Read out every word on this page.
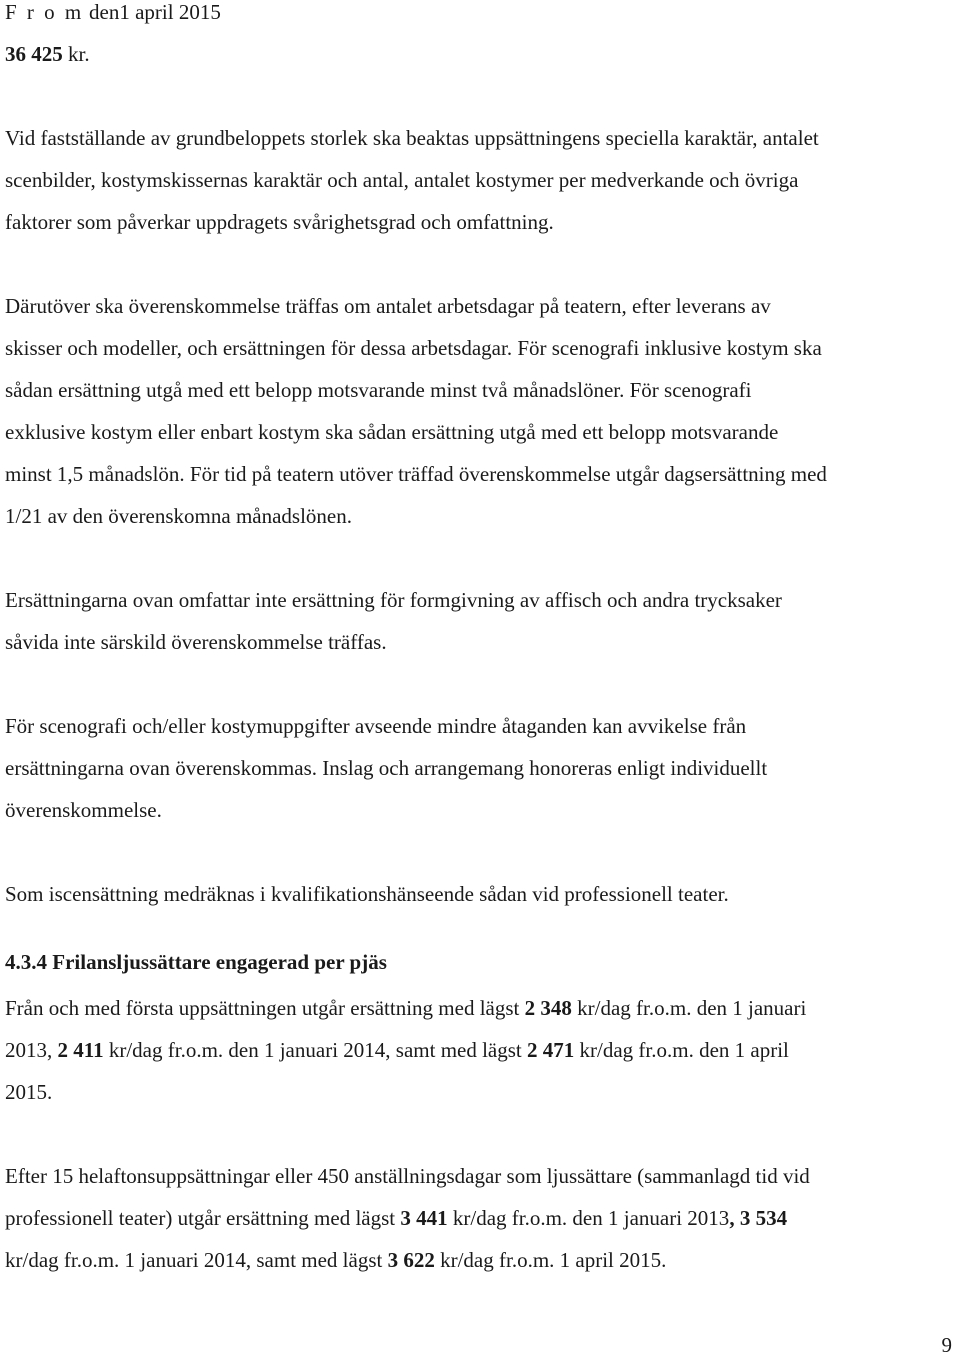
F r o m den1 april 2015
36 425 kr.
Vid fastställande av grundbeloppets storlek ska beaktas uppsättningens speciella karaktär, antalet
scenbilder, kostymskissernas karaktär och antal, antalet kostymer per medverkande och övriga
faktorer som påverkar uppdragets svårighetsgrad och omfattning.
Därutöver ska överenskommelse träffas om antalet arbetsdagar på teatern, efter leverans av
skisser och modeller, och ersättningen för dessa arbetsdagar. För scenografi inklusive kostym ska
sådan ersättning utgå med ett belopp motsvarande minst två månadslöner. För scenografi
exklusive kostym eller enbart kostym ska sådan ersättning utgå med ett belopp motsvarande
minst 1,5 månadslön. För tid på teatern utöver träffad överenskommelse utgår dagsersättning med
1/21 av den överenskomna månadslönen.
Ersättningarna ovan omfattar inte ersättning för formgivning av affisch och andra trycksaker
såvida inte särskild överenskommelse träffas.
För scenografi och/eller kostymuppgifter avseende mindre åtaganden kan avvikelse från
ersättningarna ovan överenskommas. Inslag och arrangemang honoreras enligt individuellt
överenskommelse.
Som iscensättning medräknas i kvalifikationshänseende sådan vid professionell teater.
4.3.4 Frilansljussättare engagerad per pjäs
Från och med första uppsättningen utgår ersättning med lägst 2 348 kr/dag fr.o.m. den 1 januari
2013, 2 411 kr/dag fr.o.m. den 1 januari 2014, samt med lägst 2 471 kr/dag fr.o.m. den 1 april
2015.
Efter 15 helaftonsuppsättningar eller 450 anställningsdagar som ljussättare (sammanlagd tid vid
professionell teater) utgår ersättning med lägst 3 441 kr/dag fr.o.m. den 1 januari 2013, 3 534
kr/dag fr.o.m. 1 januari 2014, samt med lägst 3 622 kr/dag fr.o.m. 1 april 2015.
9
